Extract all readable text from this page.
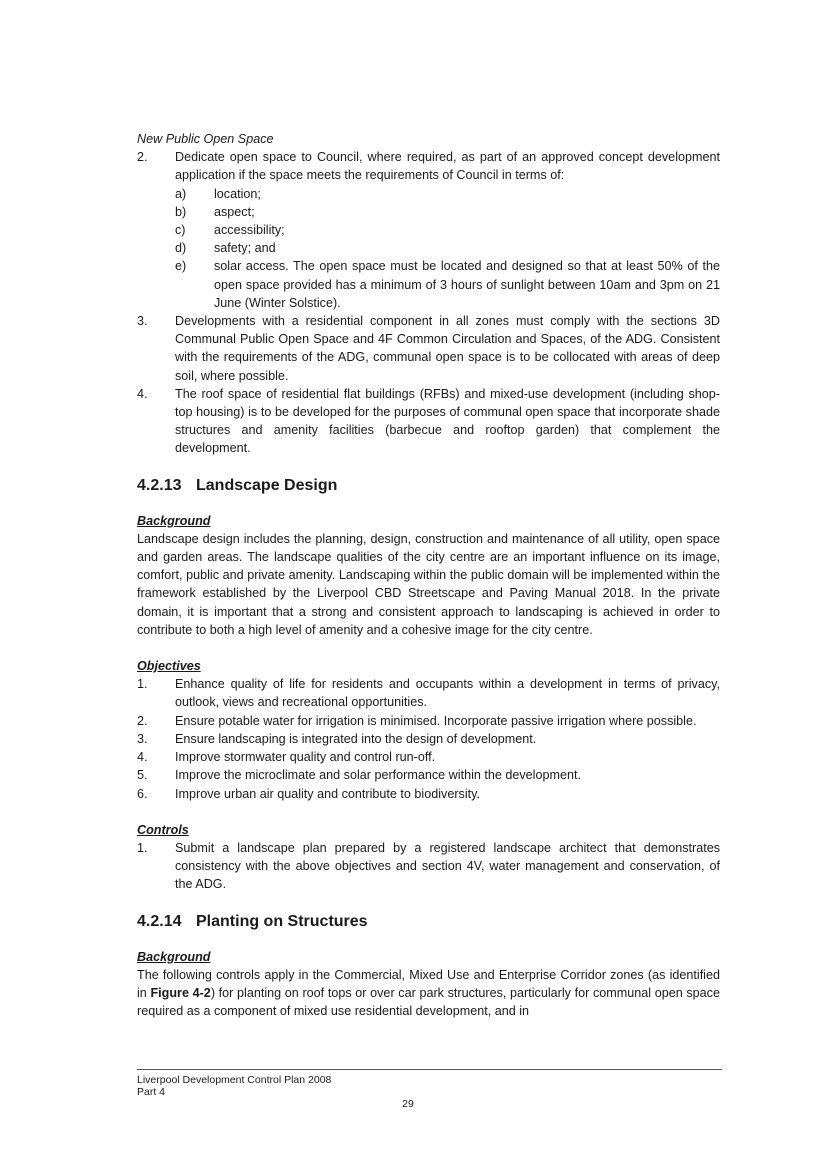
New Public Open Space

2.	Dedicate open space to Council, where required, as part of an approved concept development application if the space meets the requirements of Council in terms of:
a)	location;
b)	aspect;
c)	accessibility;
d)	safety; and
e)	solar access. The open space must be located and designed so that at least 50% of the open space provided has a minimum of 3 hours of sunlight between 10am and 3pm on 21 June (Winter Solstice).
3.	Developments with a residential component in all zones must comply with the sections 3D Communal Public Open Space and 4F Common Circulation and Spaces, of the ADG. Consistent with the requirements of the ADG, communal open space is to be collocated with areas of deep soil, where possible.
4.	The roof space of residential flat buildings (RFBs) and mixed-use development (including shop-top housing) is to be developed for the purposes of communal open space that incorporate shade structures and amenity facilities (barbecue and rooftop garden) that complement the development.
4.2.13 Landscape Design

Background

Landscape design includes the planning, design, construction and maintenance of all utility, open space and garden areas. The landscape qualities of the city centre are an important influence on its image, comfort, public and private amenity. Landscaping within the public domain will be implemented within the framework established by the Liverpool CBD Streetscape and Paving Manual 2018. In the private domain, it is important that a strong and consistent approach to landscaping is achieved in order to contribute to both a high level of amenity and a cohesive image for the city centre.

Objectives

1.	Enhance quality of life for residents and occupants within a development in terms of privacy, outlook, views and recreational opportunities.
2.	Ensure potable water for irrigation is minimised. Incorporate passive irrigation where possible.
3.	Ensure landscaping is integrated into the design of development.
4.	Improve stormwater quality and control run-off.
5.	Improve the microclimate and solar performance within the development.
6.	Improve urban air quality and contribute to biodiversity.

Controls

1.	Submit a landscape plan prepared by a registered landscape architect that demonstrates consistency with the above objectives and section 4V, water management and conservation, of the ADG.
4.2.14 Planting on Structures

Background

The following controls apply in the Commercial, Mixed Use and Enterprise Corridor zones (as identified in Figure 4-2) for planting on roof tops or over car park structures, particularly for communal open space required as a component of mixed use residential development, and in

Liverpool Development Control Plan 2008
Part 4
29
